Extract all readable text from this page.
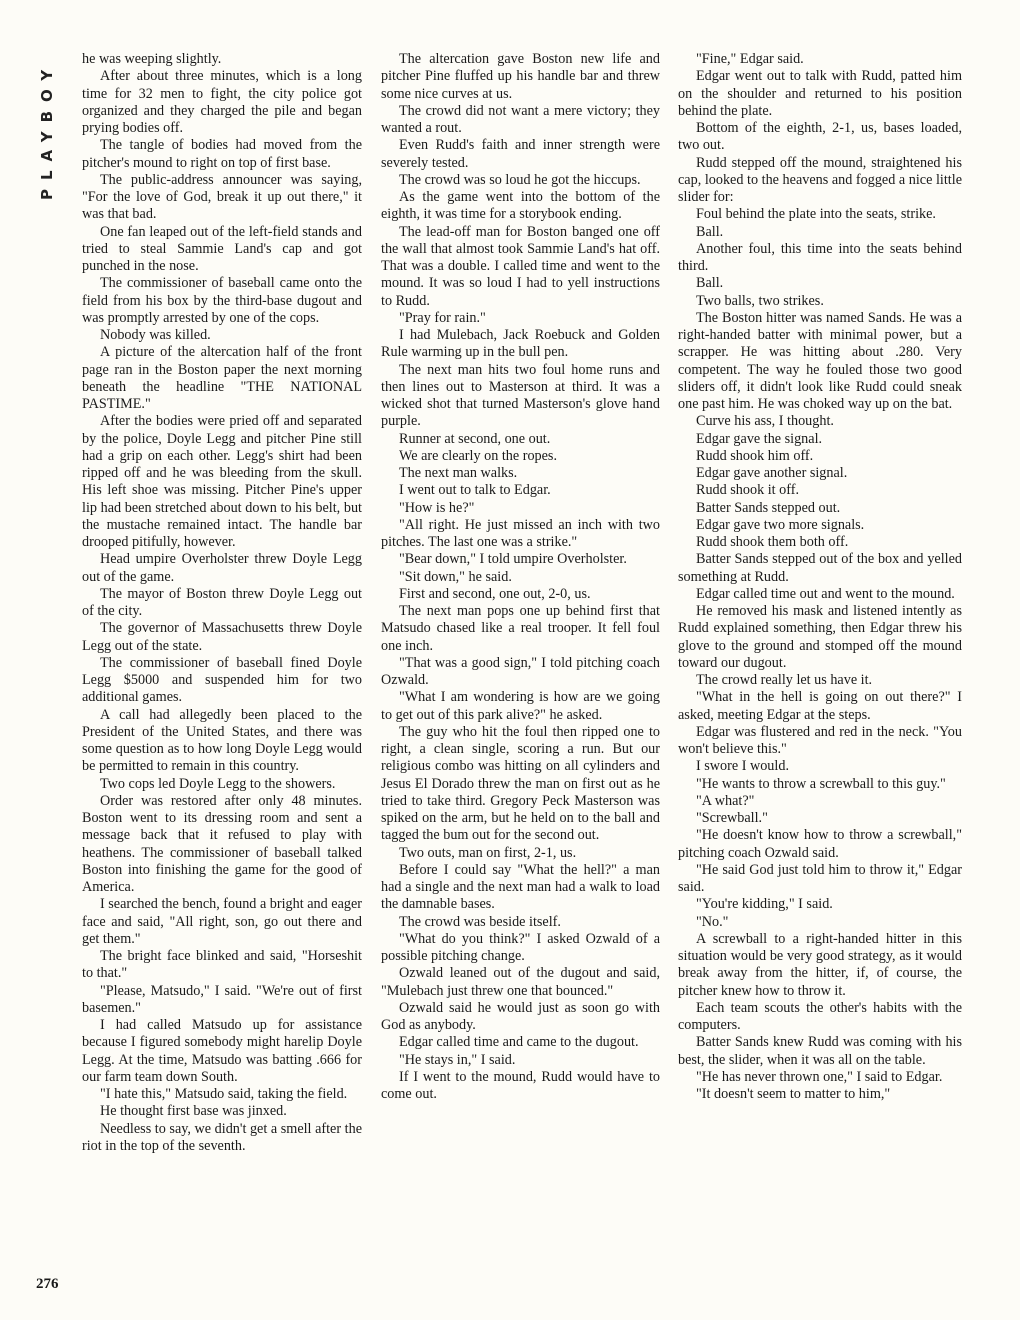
PLAYBOY

he was weeping slightly.

After about three minutes, which is a long time for 32 men to fight, the city police got organized and they charged the pile and began prying bodies off.

The tangle of bodies had moved from the pitcher's mound to right on top of first base.

The public-address announcer was saying, "For the love of God, break it up out there," it was that bad.

One fan leaped out of the left-field stands and tried to steal Sammie Land's cap and got punched in the nose.

The commissioner of baseball came onto the field from his box by the third-base dugout and was promptly arrested by one of the cops.

Nobody was killed.

A picture of the altercation half of the front page ran in the Boston paper the next morning beneath the headline "THE NATIONAL PASTIME."

After the bodies were pried off and separated by the police, Doyle Legg and pitcher Pine still had a grip on each other. Legg's shirt had been ripped off and he was bleeding from the skull. His left shoe was missing. Pitcher Pine's upper lip had been stretched about down to his belt, but the mustache remained intact. The handle bar drooped pitifully, however.

Head umpire Overholster threw Doyle Legg out of the game.

The mayor of Boston threw Doyle Legg out of the city.

The governor of Massachusetts threw Doyle Legg out of the state.

The commissioner of baseball fined Doyle Legg $5000 and suspended him for two additional games.

A call had allegedly been placed to the President of the United States, and there was some question as to how long Doyle Legg would be permitted to remain in this country.

Two cops led Doyle Legg to the showers.

Order was restored after only 48 minutes. Boston went to its dressing room and sent a message back that it refused to play with heathens. The commissioner of baseball talked Boston into finishing the game for the good of America.

I searched the bench, found a bright and eager face and said, "All right, son, go out there and get them."

The bright face blinked and said, "Horseshit to that."

"Please, Matsudo," I said. "We're out of first basemen."

I had called Matsudo up for assistance because I figured somebody might harelip Doyle Legg. At the time, Matsudo was batting .666 for our farm team down South.

"I hate this," Matsudo said, taking the field.

He thought first base was jinxed.

Needless to say, we didn't get a smell after the riot in the top of the seventh.

The altercation gave Boston new life and pitcher Pine fluffed up his handle bar and threw some nice curves at us.

The crowd did not want a mere victory; they wanted a rout.

Even Rudd's faith and inner strength were severely tested.

The crowd was so loud he got the hiccups.

As the game went into the bottom of the eighth, it was time for a storybook ending.

The lead-off man for Boston banged one off the wall that almost took Sammie Land's hat off. That was a double. I called time and went to the mound. It was so loud I had to yell instructions to Rudd.

"Pray for rain."

I had Mulebach, Jack Roebuck and Golden Rule warming up in the bull pen.

The next man hits two foul home runs and then lines out to Masterson at third. It was a wicked shot that turned Masterson's glove hand purple.

Runner at second, one out.

We are clearly on the ropes.

The next man walks.

I went out to talk to Edgar.

"How is he?"

"All right. He just missed an inch with two pitches. The last one was a strike."

"Bear down," I told umpire Overholster.

"Sit down," he said.

First and second, one out, 2-0, us.

The next man pops one up behind first that Matsudo chased like a real trooper. It fell foul one inch.

"That was a good sign," I told pitching coach Ozwald.

"What I am wondering is how are we going to get out of this park alive?" he asked.

The guy who hit the foul then ripped one to right, a clean single, scoring a run. But our religious combo was hitting on all cylinders and Jesus El Dorado threw the man on first out as he tried to take third. Gregory Peck Masterson was spiked on the arm, but he held on to the ball and tagged the bum out for the second out.

Two outs, man on first, 2-1, us.

Before I could say "What the hell?" a man had a single and the next man had a walk to load the damnable bases.

The crowd was beside itself.

"What do you think?" I asked Ozwald of a possible pitching change.

Ozwald leaned out of the dugout and said, "Mulebach just threw one that bounced."

Ozwald said he would just as soon go with God as anybody.

Edgar called time and came to the dugout.

"He stays in," I said.

If I went to the mound, Rudd would have to come out.

"Fine," Edgar said.

Edgar went out to talk with Rudd, patted him on the shoulder and returned to his position behind the plate.

Bottom of the eighth, 2-1, us, bases loaded, two out.

Rudd stepped off the mound, straightened his cap, looked to the heavens and fogged a nice little slider for:

Foul behind the plate into the seats, strike.

Ball.

Another foul, this time into the seats behind third.

Ball.

Two balls, two strikes.

The Boston hitter was named Sands. He was a right-handed batter with minimal power, but a scrapper. He was hitting about .280. Very competent. The way he fouled those two good sliders off, it didn't look like Rudd could sneak one past him. He was choked way up on the bat.

Curve his ass, I thought.

Edgar gave the signal.

Rudd shook him off.

Edgar gave another signal.

Rudd shook it off.

Batter Sands stepped out.

Edgar gave two more signals.

Rudd shook them both off.

Batter Sands stepped out of the box and yelled something at Rudd.

Edgar called time out and went to the mound.

He removed his mask and listened intently as Rudd explained something, then Edgar threw his glove to the ground and stomped off the mound toward our dugout.

The crowd really let us have it.

"What in the hell is going on out there?" I asked, meeting Edgar at the steps.

Edgar was flustered and red in the neck. "You won't believe this."

I swore I would.

"He wants to throw a screwball to this guy."

"A what?"

"Screwball."

"He doesn't know how to throw a screwball," pitching coach Ozwald said.

"He said God just told him to throw it," Edgar said.

"You're kidding," I said.

"No."

A screwball to a right-handed hitter in this situation would be very good strategy, as it would break away from the hitter, if, of course, the pitcher knew how to throw it.

Each team scouts the other's habits with the computers.

Batter Sands knew Rudd was coming with his best, the slider, when it was all on the table.

"He has never thrown one," I said to Edgar.

"It doesn't seem to matter to him,"

276
